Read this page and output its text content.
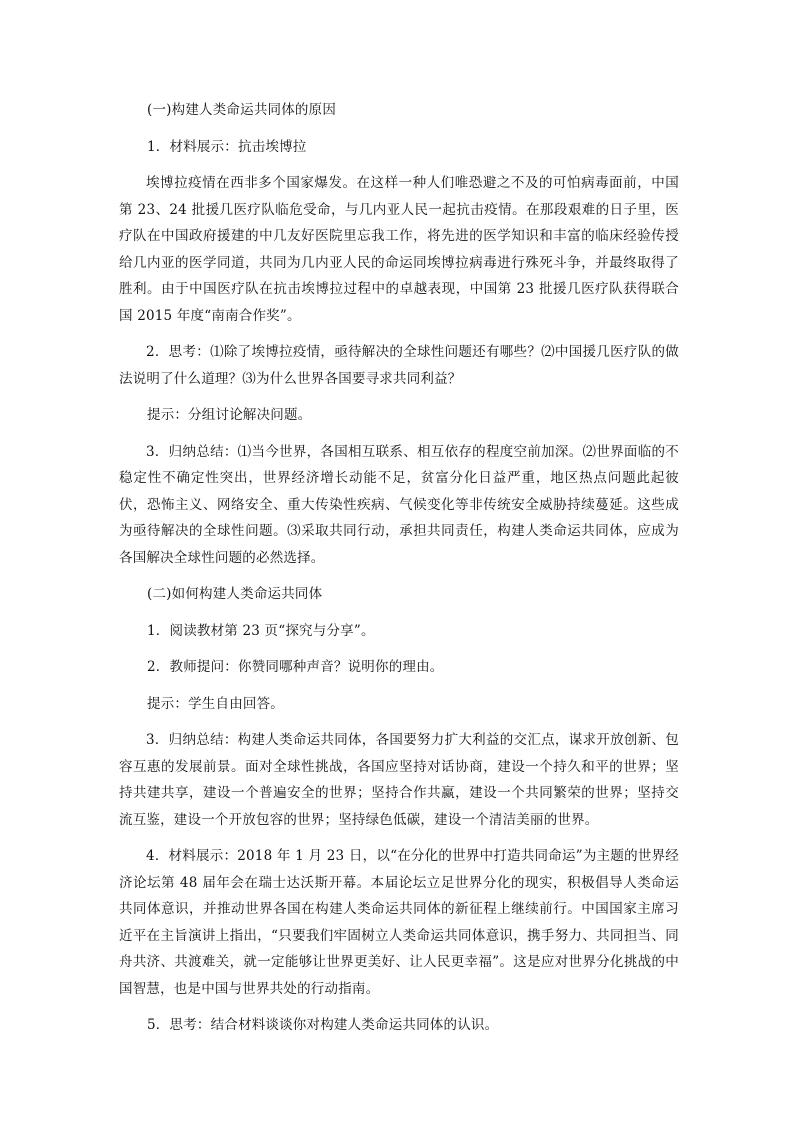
(一)构建人类命运共同体的原因

1．材料展示：抗击埃博拉

埃博拉疫情在西非多个国家爆发。在这样一种人们唯恐避之不及的可怕病毒面前，中国第 23、24 批援几医疗队临危受命，与几内亚人民一起抗击疫情。在那段艰难的日子里，医疗队在中国政府援建的中几友好医院里忘我工作，将先进的医学知识和丰富的临床经验传授给几内亚的医学同道，共同为几内亚人民的命运同埃博拉病毒进行殊死斗争，并最终取得了胜利。由于中国医疗队在抗击埃博拉过程中的卓越表现，中国第 23 批援几医疗队获得联合国 2015 年度“南南合作奖”。

2．思考：⑴除了埃博拉疫情，亟待解决的全球性问题还有哪些？⑵中国援几医疗队的做法说明了什么道理？⑶为什么世界各国要寻求共同利益？

提示：分组讨论解决问题。

3．归纳总结：⑴当今世界，各国相互联系、相互依存的程度空前加深。⑵世界面临的不稳定性不确定性突出，世界经济增长动能不足，贫富分化日益严重，地区热点问题此起彼伏，恐怖主义、网络安全、重大传染性疾病、气候变化等非传统安全威胁持续蔓延。这些成为亟待解决的全球性问题。⑶采取共同行动，承担共同责任，构建人类命运共同体，应成为各国解决全球性问题的必然选择。

(二)如何构建人类命运共同体

1．阅读教材第 23 页“探究与分享”。

2．教师提问：你赞同哪种声音？说明你的理由。

提示：学生自由回答。

3．归纳总结：构建人类命运共同体，各国要努力扩大利益的交汇点，谋求开放创新、包容互惠的发展前景。面对全球性挑战，各国应坚持对话协商，建设一个持久和平的世界；坚持共建共享，建设一个普遍安全的世界；坚持合作共赢，建设一个共同繁荣的世界；坚持交流互鉴，建设一个开放包容的世界；坚持绿色低碳，建设一个清洁美丽的世界。

4．材料展示：2018 年 1 月 23 日，以“在分化的世界中打造共同命运”为主题的世界经济论坛第 48 届年会在瑞士达沃斯开幕。本届论坛立足世界分化的现实，积极倡导人类命运共同体意识，并推动世界各国在构建人类命运共同体的新征程上继续前行。中国国家主席习近平在主旨演讲上指出，“只要我们牢固树立人类命运共同体意识，携手努力、共同担当、同舟共济、共渡难关，就一定能够让世界更美好、让人民更幸福”。这是应对世界分化挑战的中国智慧，也是中国与世界共处的行动指南。

5．思考：结合材料谈谈你对构建人类命运共同体的认识。
